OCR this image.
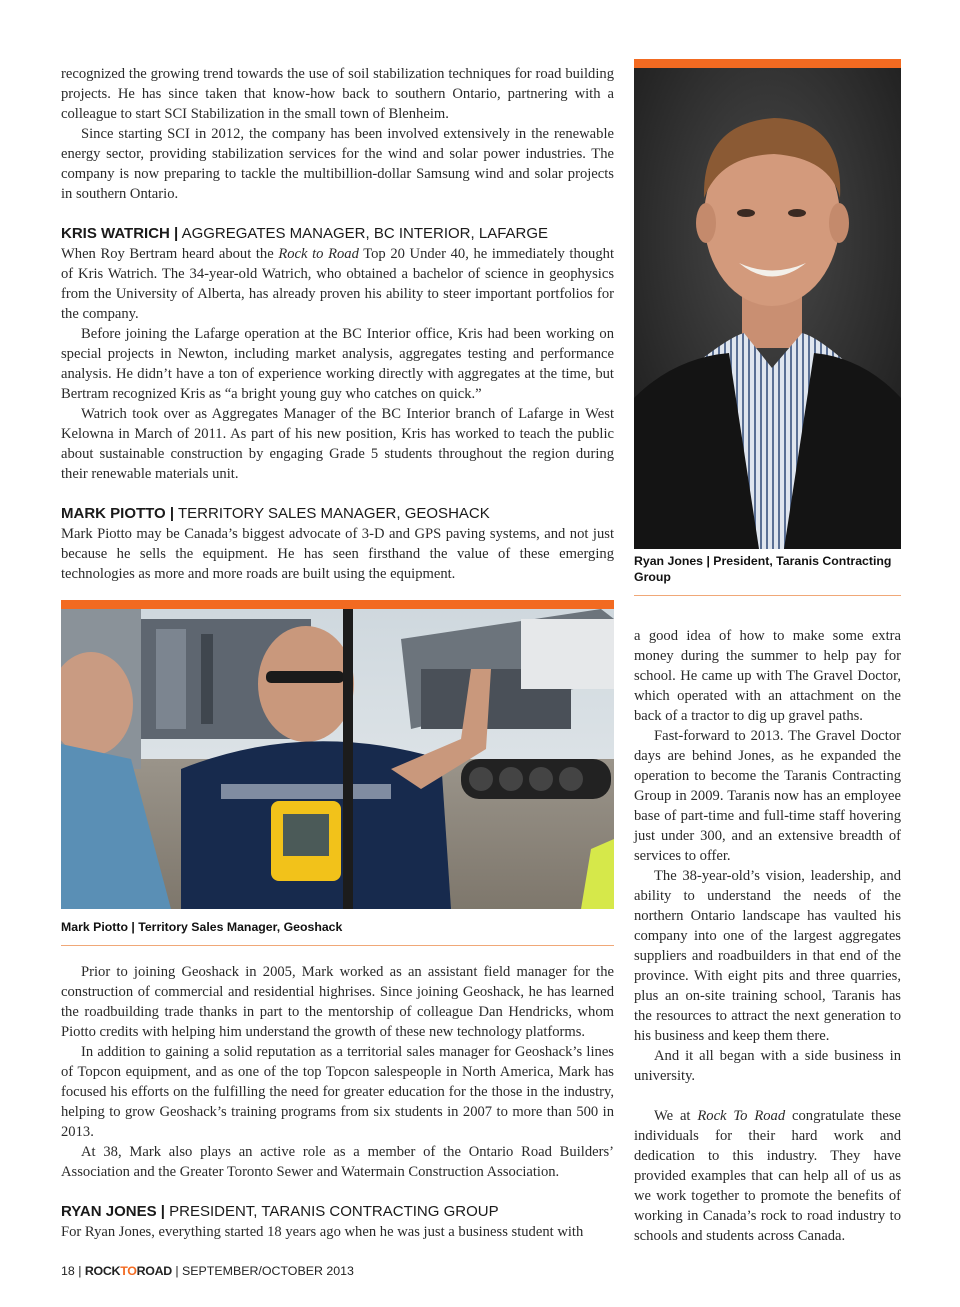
recognized the growing trend towards the use of soil stabilization techniques for road building projects. He has since taken that know-how back to southern Ontario, partnering with a colleague to start SCI Stabilization in the small town of Blenheim.

Since starting SCI in 2012, the company has been involved extensively in the renewable energy sector, providing stabilization services for the wind and solar power industries. The company is now preparing to tackle the multibillion-dollar Samsung wind and solar projects in southern Ontario.

KRIS WATRICH | AGGREGATES MANAGER, BC INTERIOR, LAFARGE

When Roy Bertram heard about the Rock to Road Top 20 Under 40, he immediately thought of Kris Watrich. The 34-year-old Watrich, who obtained a bachelor of science in geophysics from the University of Alberta, has already proven his ability to steer important portfolios for the company.

Before joining the Lafarge operation at the BC Interior office, Kris had been working on special projects in Newton, including market analysis, aggregates testing and performance analysis. He didn’t have a ton of experience working directly with aggregates at the time, but Bertram recognized Kris as “a bright young guy who catches on quick.”

Watrich took over as Aggregates Manager of the BC Interior branch of Lafarge in West Kelowna in March of 2011. As part of his new position, Kris has worked to teach the public about sustainable construction by engaging Grade 5 students throughout the region during their renewable materials unit.

MARK PIOTTO | TERRITORY SALES MANAGER, GEOSHACK

Mark Piotto may be Canada’s biggest advocate of 3-D and GPS paving systems, and not just because he sells the equipment. He has seen firsthand the value of these emerging technologies as more and more roads are built using the equipment.

Mark Piotto | Territory Sales Manager, Geoshack

Prior to joining Geoshack in 2005, Mark worked as an assistant field manager for the construction of commercial and residential highrises. Since joining Geoshack, he has learned the roadbuilding trade thanks in part to the mentorship of colleague Dan Hendricks, whom Piotto credits with helping him understand the growth of these new technology platforms.

In addition to gaining a solid reputation as a territorial sales manager for Geoshack’s lines of Topcon equipment, and as one of the top Topcon salespeople in North America, Mark has focused his efforts on the fulfilling the need for greater education for the those in the industry, helping to grow Geoshack’s training programs from six students in 2007 to more than 500 in 2013.

At 38, Mark also plays an active role as a member of the Ontario Road Builders’ Association and the Greater Toronto Sewer and Watermain Construction Association.

RYAN JONES | PRESIDENT, TARANIS CONTRACTING GROUP

For Ryan Jones, everything started 18 years ago when he was just a business student with

Ryan Jones | President, Taranis Contracting Group

a good idea of how to make some extra money during the summer to help pay for school. He came up with The Gravel Doctor, which operated with an attachment on the back of a tractor to dig up gravel paths.

Fast-forward to 2013. The Gravel Doctor days are behind Jones, as he expanded the operation to become the Taranis Contracting Group in 2009. Taranis now has an employee base of part-time and full-time staff hovering just under 300, and an extensive breadth of services to offer.

The 38-year-old’s vision, leadership, and ability to understand the needs of the northern Ontario landscape has vaulted his company into one of the largest aggregates suppliers and roadbuilders in that end of the province. With eight pits and three quarries, plus an on-site training school, Taranis has the resources to attract the next generation to his business and keep them there.

And it all began with a side business in university.

We at Rock To Road congratulate these individuals for their hard work and dedication to this industry. They have provided examples that can help all of us as we work together to promote the benefits of working in Canada’s rock to road industry to schools and students across Canada.

18 | ROCKTOROAD | SEPTEMBER/OCTOBER 2013
